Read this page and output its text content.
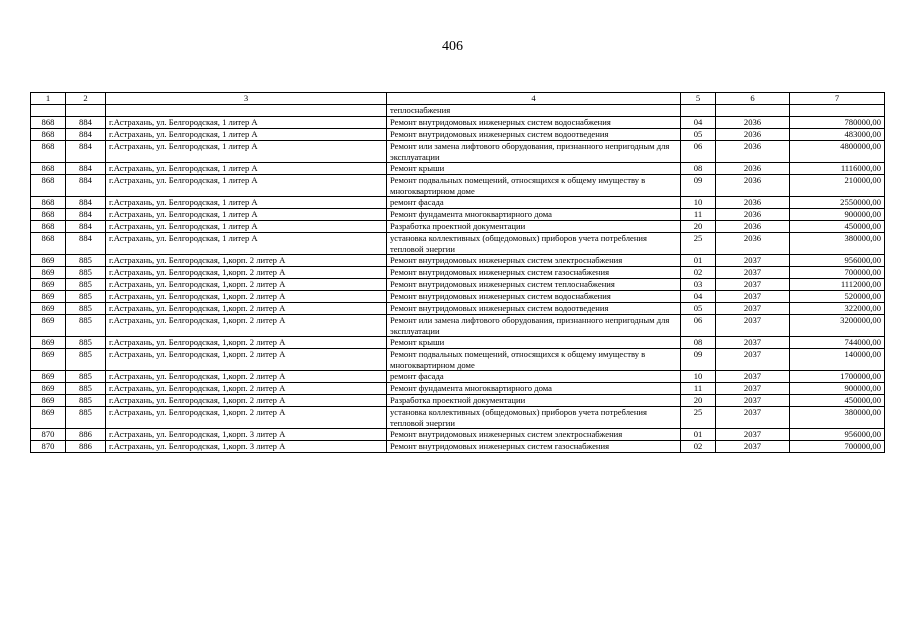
406
1	2	3	4	5	6	7
			теплоснабжения			
868	884	г.Астрахань, ул. Белгородская, 1 литер А	Ремонт внутридомовых инженерных систем водоснабжения	04	2036	780000,00
868	884	г.Астрахань, ул. Белгородская, 1 литер А	Ремонт внутридомовых инженерных систем водоотведения	05	2036	483000,00
868	884	г.Астрахань, ул. Белгородская, 1 литер А	Ремонт или замена лифтового оборудования, признанного непригодным для эксплуатации	06	2036	4800000,00
868	884	г.Астрахань, ул. Белгородская, 1 литер А	Ремонт крыши	08	2036	1116000,00
868	884	г.Астрахань, ул. Белгородская, 1 литер А	Ремонт подвальных помещений, относящихся к общему имуществу в многоквартирном доме	09	2036	210000,00
868	884	г.Астрахань, ул. Белгородская, 1 литер А	ремонт фасада	10	2036	2550000,00
868	884	г.Астрахань, ул. Белгородская, 1 литер А	Ремонт фундамента многоквартирного дома	11	2036	900000,00
868	884	г.Астрахань, ул. Белгородская, 1 литер А	Разработка проектной документации	20	2036	450000,00
868	884	г.Астрахань, ул. Белгородская, 1 литер А	установка коллективных (общедомовых) приборов учета потребления тепловой энергии	25	2036	380000,00
869	885	г.Астрахань, ул. Белгородская, 1,корп. 2 литер А	Ремонт внутридомовых инженерных систем электроснабжения	01	2037	956000,00
869	885	г.Астрахань, ул. Белгородская, 1,корп. 2 литер А	Ремонт внутридомовых инженерных систем газоснабжения	02	2037	700000,00
869	885	г.Астрахань, ул. Белгородская, 1,корп. 2 литер А	Ремонт внутридомовых инженерных систем теплоснабжения	03	2037	1112000,00
869	885	г.Астрахань, ул. Белгородская, 1,корп. 2 литер А	Ремонт внутридомовых инженерных систем водоснабжения	04	2037	520000,00
869	885	г.Астрахань, ул. Белгородская, 1,корп. 2 литер А	Ремонт внутридомовых инженерных систем водоотведения	05	2037	322000,00
869	885	г.Астрахань, ул. Белгородская, 1,корп. 2 литер А	Ремонт или замена лифтового оборудования, признанного непригодным для эксплуатации	06	2037	3200000,00
869	885	г.Астрахань, ул. Белгородская, 1,корп. 2 литер А	Ремонт крыши	08	2037	744000,00
869	885	г.Астрахань, ул. Белгородская, 1,корп. 2 литер А	Ремонт подвальных помещений, относящихся к общему имуществу в многоквартирном доме	09	2037	140000,00
869	885	г.Астрахань, ул. Белгородская, 1,корп. 2 литер А	ремонт фасада	10	2037	1700000,00
869	885	г.Астрахань, ул. Белгородская, 1,корп. 2 литер А	Ремонт фундамента многоквартирного дома	11	2037	900000,00
869	885	г.Астрахань, ул. Белгородская, 1,корп. 2 литер А	Разработка проектной документации	20	2037	450000,00
869	885	г.Астрахань, ул. Белгородская, 1,корп. 2 литер А	установка коллективных (общедомовых) приборов учета потребления тепловой энергии	25	2037	380000,00
870	886	г.Астрахань, ул. Белгородская, 1,корп. 3 литер А	Ремонт внутридомовых инженерных систем электроснабжения	01	2037	956000,00
870	886	г.Астрахань, ул. Белгородская, 1,корп. 3 литер А	Ремонт внутридомовых инженерных систем газоснабжения	02	2037	700000,00
